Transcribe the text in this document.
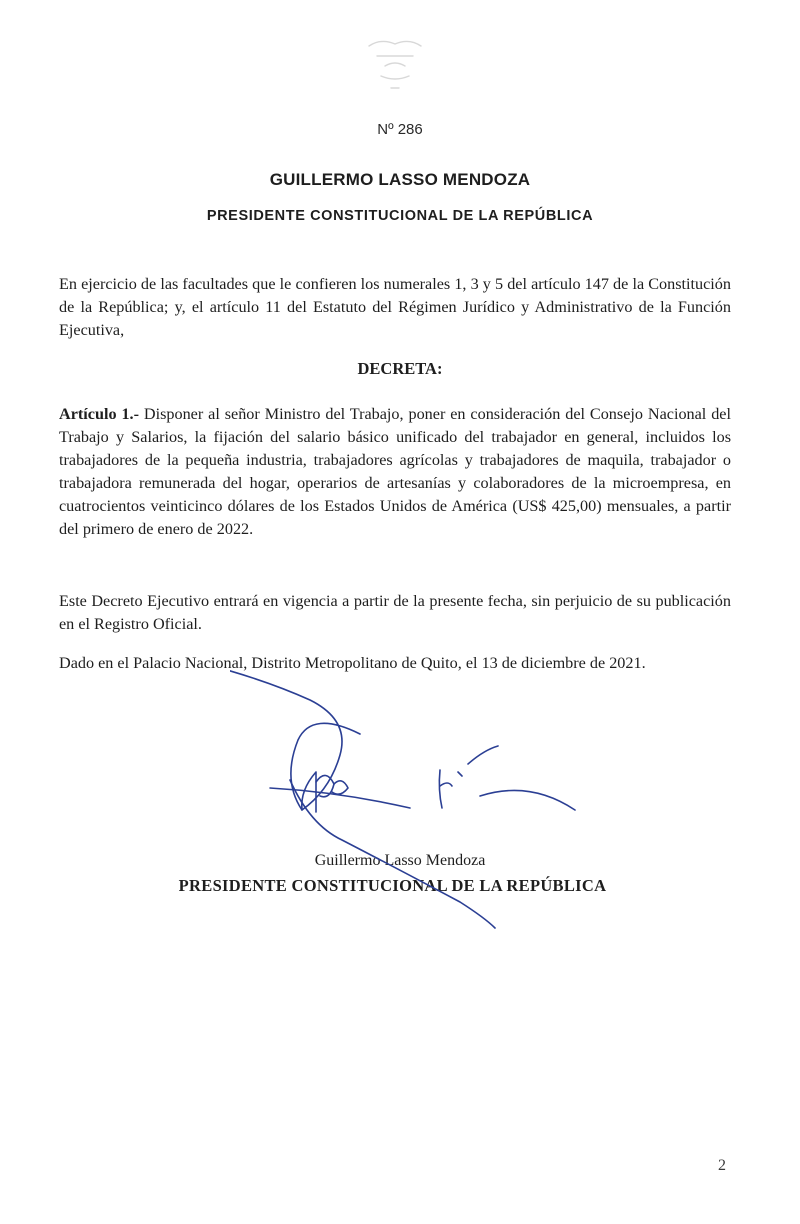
Nº 286
GUILLERMO LASSO MENDOZA
PRESIDENTE CONSTITUCIONAL DE LA REPÚBLICA

En ejercicio de las facultades que le confieren los numerales 1, 3 y 5 del artículo 147 de la Constitución de la República; y, el artículo 11 del Estatuto del Régimen Jurídico y Administrativo de la Función Ejecutiva,

DECRETA:

Artículo 1.- Disponer al señor Ministro del Trabajo, poner en consideración del Consejo Nacional del Trabajo y Salarios, la fijación del salario básico unificado del trabajador en general, incluidos los trabajadores de la pequeña industria, trabajadores agrícolas y trabajadores de maquila, trabajador o trabajadora remunerada del hogar, operarios de artesanías y colaboradores de la microempresa, en cuatrocientos veinticinco dólares de los Estados Unidos de América (US$ 425,00) mensuales, a partir del primero de enero de 2022.

Este Decreto Ejecutivo entrará en vigencia a partir de la presente fecha, sin perjuicio de su publicación en el Registro Oficial.

Dado en el Palacio Nacional, Distrito Metropolitano de Quito, el 13 de diciembre de 2021.

Guillermo Lasso Mendoza
PRESIDENTE CONSTITUCIONAL DE LA REPÚBLICA
2
